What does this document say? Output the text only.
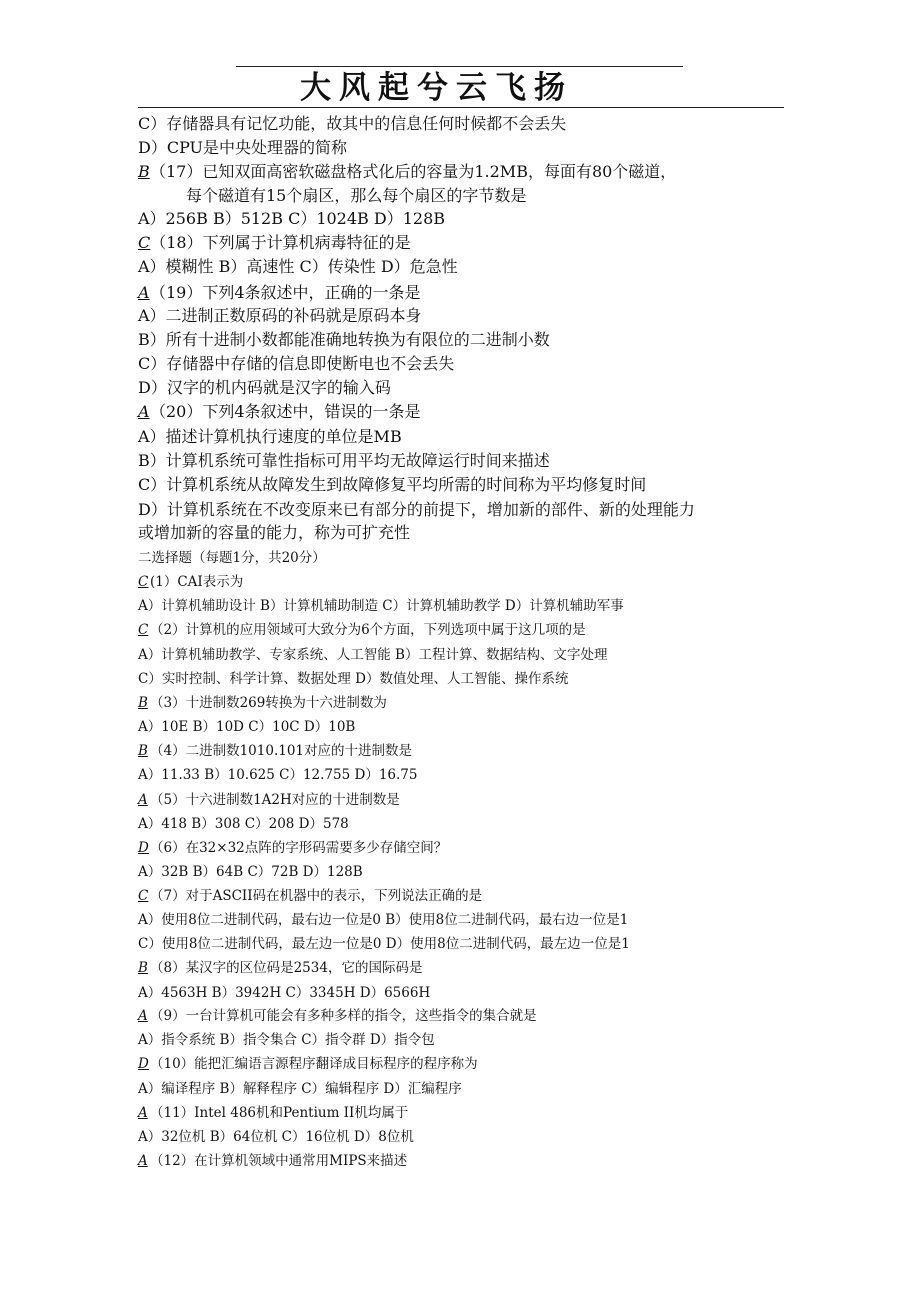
大风起兮云飞扬
C）存储器具有记忆功能，故其中的信息任何时候都不会丢失
D）CPU是中央处理器的简称
B（17）已知双面高密软磁盘格式化后的容量为1.2MB，每面有80个磁道，
每个磁道有15个扇区，那么每个扇区的字节数是
A）256B B）512B C）1024B D）128B
C（18）下列属于计算机病毒特征的是
A）模糊性 B）高速性 C）传染性 D）危急性
A（19）下列4条叙述中，正确的一条是
A）二进制正数原码的补码就是原码本身
B）所有十进制小数都能准确地转换为有限位的二进制小数
C）存储器中存储的信息即使断电也不会丢失
D）汉字的机内码就是汉字的输入码
A（20）下列4条叙述中，错误的一条是
A）描述计算机执行速度的单位是MB
B）计算机系统可靠性指标可用平均无故障运行时间来描述
C）计算机系统从故障发生到故障修复平均所需的时间称为平均修复时间
D）计算机系统在不改变原来已有部分的前提下，增加新的部件、新的处理能力
或增加新的容量的能力，称为可扩充性
二选择题（每题1分，共20分）
C (1）CAI表示为
A）计算机辅助设计 B）计算机辅助制造 C）计算机辅助教学 D）计算机辅助军事
C （2）计算机的应用领域可大致分为6个方面，下列选项中属于这几项的是
A）计算机辅助教学、专家系统、人工智能 B）工程计算、数据结构、文字处理
C）实时控制、科学计算、数据处理 D）数值处理、人工智能、操作系统
B （3）十进制数269转换为十六进制数为
A）10E B）10D C）10C D）10B
B （4）二进制数1010.101对应的十进制数是
A）11.33 B）10.625 C）12.755 D）16.75
A （5）十六进制数1A2H对应的十进制数是
A）418 B）308 C）208 D）578
D（6）在32×32点阵的字形码需要多少存储空间？
A）32B B）64B C）72B D）128B
C （7）对于ASCII码在机器中的表示，下列说法正确的是
A）使用8位二进制代码，最右边一位是0 B）使用8位二进制代码，最右边一位是1
C）使用8位二进制代码，最左边一位是0 D）使用8位二进制代码，最左边一位是1
B （8）某汉字的区位码是2534，它的国际码是
A）4563H B）3942H C）3345H D）6566H
A （9）一台计算机可能会有多种多样的指令，这些指令的集合就是
A）指令系统 B）指令集合 C）指令群 D）指令包
D（10）能把汇编语言源程序翻译成目标程序的程序称为
A）编译程序 B）解释程序 C）编辑程序 D）汇编程序
A （11）Intel 486机和Pentium II机均属于
A）32位机 B）64位机 C）16位机 D）8位机
A （12）在计算机领域中通常用MIPS来描述
